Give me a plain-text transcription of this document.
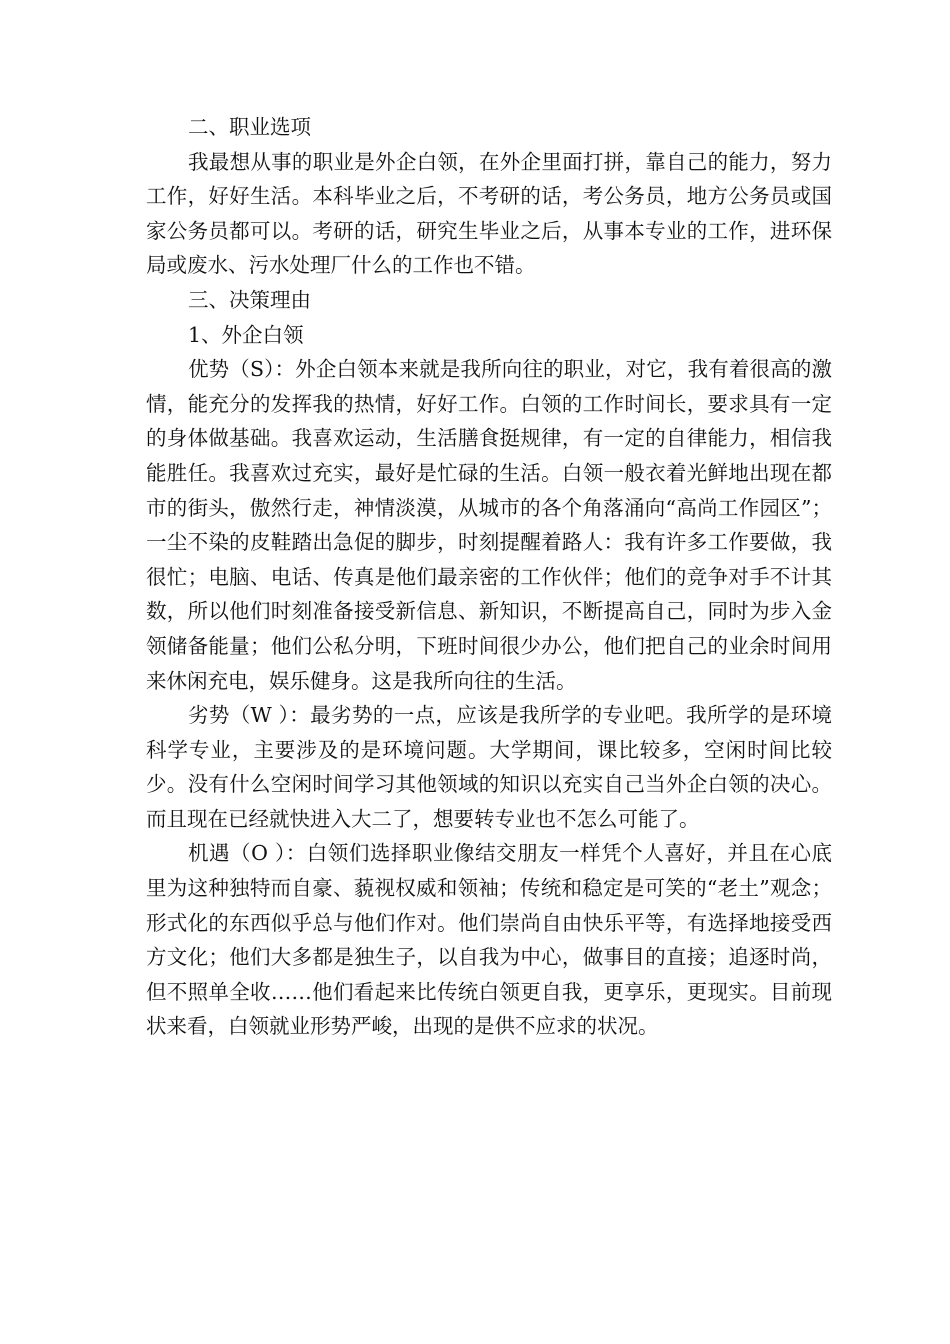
二、职业选项

我最想从事的职业是外企白领，在外企里面打拼，靠自己的能力，努力工作，好好生活。本科毕业之后，不考研的话，考公务员，地方公务员或国家公务员都可以。考研的话，研究生毕业之后，从事本专业的工作，进环保局或废水、污水处理厂什么的工作也不错。

三、决策理由

1、外企白领

优势（S）：外企白领本来就是我所向往的职业，对它，我有着很高的激情，能充分的发挥我的热情，好好工作。白领的工作时间长，要求具有一定的身体做基础。我喜欢运动，生活膳食挺规律，有一定的自律能力，相信我能胜任。我喜欢过充实，最好是忙碌的生活。白领一般衣着光鲜地出现在都市的街头，傲然行走，神情淡漠，从城市的各个角落涌向“高尚工作园区”；一尘不染的皮鞋踏出急促的脚步，时刻提醒着路人：我有许多工作要做，我很忙；电脑、电话、传真是他们最亲密的工作伙伴；他们的竞争对手不计其数，所以他们时刻准备接受新信息、新知识，不断提高自己，同时为步入金领储备能量；他们公私分明，下班时间很少办公，他们把自己的业余时间用来休闲充电，娱乐健身。这是我所向往的生活。

劣势（W ）：最劣势的一点，应该是我所学的专业吧。我所学的是环境科学专业，主要涉及的是环境问题。大学期间，课比较多，空闲时间比较少。没有什么空闲时间学习其他领域的知识以充实自己当外企白领的决心。而且现在已经就快进入大二了，想要转专业也不怎么可能了。

机遇（O ）：白领们选择职业像结交朋友一样凭个人喜好，并且在心底里为这种独特而自豪、藐视权威和领袖；传统和稳定是可笑的“老土”观念；形式化的东西似乎总与他们作对。他们崇尚自由快乐平等，有选择地接受西方文化；他们大多都是独生子，以自我为中心，做事目的直接；追逐时尚，但不照单全收……他们看起来比传统白领更自我，更享乐，更现实。目前现状来看，白领就业形势严峻，出现的是供不应求的状况。
